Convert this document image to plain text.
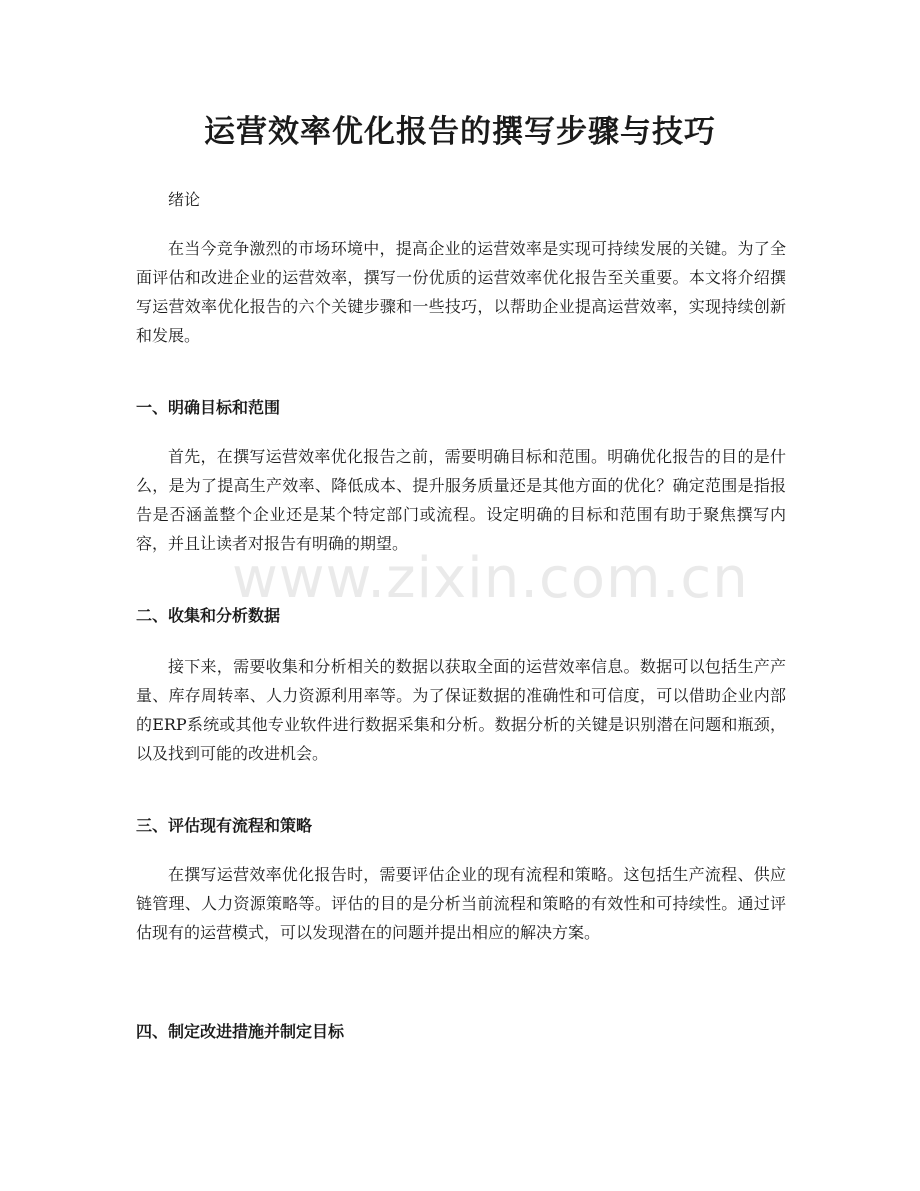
运营效率优化报告的撰写步骤与技巧

绪论

在当今竞争激烈的市场环境中，提高企业的运营效率是实现可持续发展的关键。为了全面评估和改进企业的运营效率，撰写一份优质的运营效率优化报告至关重要。本文将介绍撰写运营效率优化报告的六个关键步骤和一些技巧，以帮助企业提高运营效率，实现持续创新和发展。

一、明确目标和范围

首先，在撰写运营效率优化报告之前，需要明确目标和范围。明确优化报告的目的是什么，是为了提高生产效率、降低成本、提升服务质量还是其他方面的优化？确定范围是指报告是否涵盖整个企业还是某个特定部门或流程。设定明确的目标和范围有助于聚焦撰写内容，并且让读者对报告有明确的期望。

二、收集和分析数据

接下来，需要收集和分析相关的数据以获取全面的运营效率信息。数据可以包括生产产量、库存周转率、人力资源利用率等。为了保证数据的准确性和可信度，可以借助企业内部的ERP系统或其他专业软件进行数据采集和分析。数据分析的关键是识别潜在问题和瓶颈，以及找到可能的改进机会。

三、评估现有流程和策略

在撰写运营效率优化报告时，需要评估企业的现有流程和策略。这包括生产流程、供应链管理、人力资源策略等。评估的目的是分析当前流程和策略的有效性和可持续性。通过评估现有的运营模式，可以发现潜在的问题并提出相应的解决方案。

四、制定改进措施并制定目标
www.zixin.com.cn
